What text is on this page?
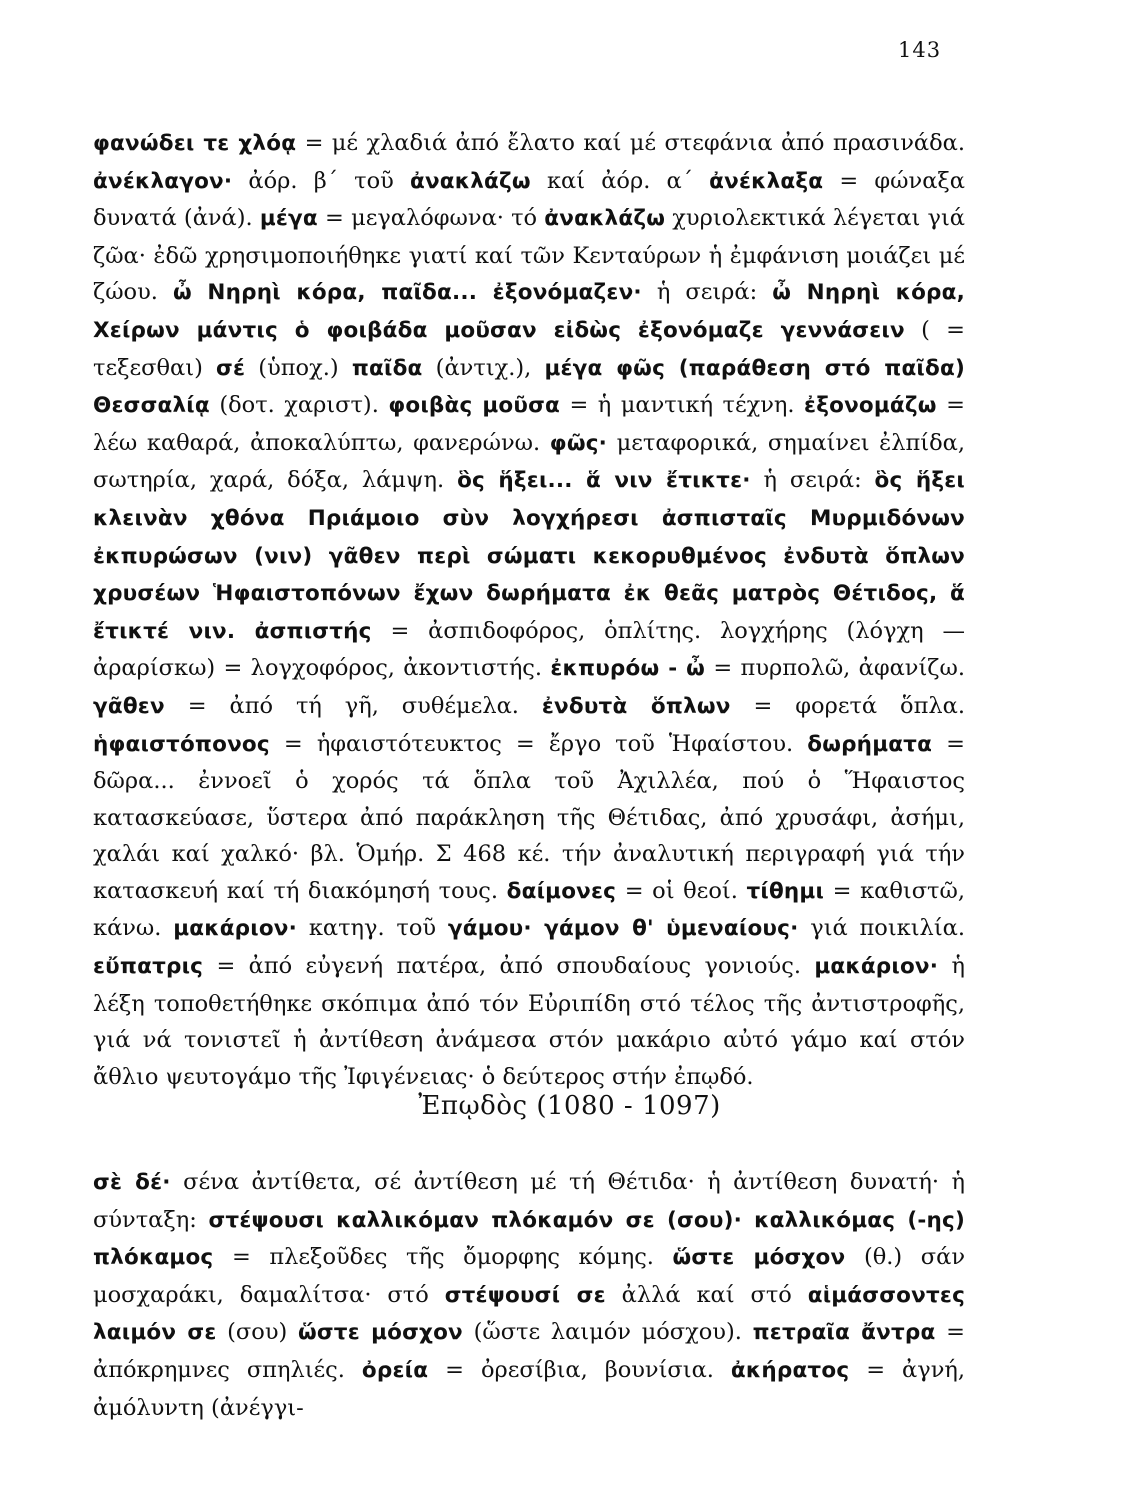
143

φανώδει τε χλόᾳ = μέ χλαδιά ἀπό ἔλατο καί μέ στεφάνια ἀπό πρασινάδα. ἀνέκλαγον· ἀόρ. β΄ τοῦ ἀνακλάζω καί ἀόρ. α΄ ἀνέκλαξα = φώναξα δυνατά (ἀνά). μέγα = μεγαλόφωνα· τό ἀνακλάζω χυριολεκτικά λέγεται γιά ζῶα· ἐδῶ χρησιμοποιήθηκε γιατί καί τῶν Κενταύρων ἡ ἐμφάνιση μοιάζει μέ ζώου. ὦ Νηρηὶ κόρα, παῖδα... ἐξονόμαζεν· ἡ σειρά: ὦ Νηρηὶ κόρα, Χείρων μάντις ὁ φοιβάδα μοῦσαν εἰδὼς ἐξονόμαζε γεννάσειν ( = τεξεσθαι) σέ (ὑποχ.) παῖδα (ἀντιχ.), μέγα φῶς (παράθεση στό παῖδα) Θεσσαλίᾳ (δοτ. χαριστ). φοιβὰς μοῦσα = ἡ μαντική τέχνη. ἐξονομάζω = λέω καθαρά, ἀποκαλύπτω, φανερώνω. φῶς· μεταφορικά, σημαίνει ἐλπίδα, σωτηρία, χαρά, δόξα, λάμψη. ὃς ἥξει... ἅ νιν ἔτικτε· ἡ σειρά: ὃς ἥξει κλεινὰν χθόνα Πριάμοιο σὺν λογχήρεσι ἀσπισταῖς Μυρμιδόνων ἐκπυρώσων (νιν) γᾶθεν περὶ σώματι κεκορυθμένος ἐνδυτὰ ὅπλων χρυσέων Ἡφαιστοπόνων ἔχων δωρήματα ἐκ θεᾶς ματρὸς Θέτιδος, ἅ ἔτικτέ νιν. ἀσπιστής = ἀσπιδοφόρος, ὁπλίτης. λογχήρης (λόγχη — ἀραρίσκω) = λογχοφόρος, ἀκοντιστής. ἐκπυρόω - ὦ = πυρπολῶ, ἀφανίζω. γᾶθεν = ἀπό τή γῆ, συθέμελα. ἐνδυτὰ ὅπλων = φορετά ὅπλα. ἡφαιστόπονος = ἡφαιστότευκτος = ἔργο τοῦ Ἡφαίστου. δωρήματα = δῶρα... ἐννοεῖ ὁ χορός τά ὅπλα τοῦ Ἀχιλλέα, πού ὁ Ἥφαιστος κατασκεύασε, ὕστερα ἀπό παράκληση τῆς Θέτιδας, ἀπό χρυσάφι, ἀσήμι, χαλάι καί χαλκό· βλ. Ὁμήρ. Σ 468 κέ. τήν ἀναλυτική περιγραφή γιά τήν κατασκευή καί τή διακόμησή τους. δαίμονες = οἱ θεοί. τίθημι = καθιστῶ, κάνω. μακάριον· κατηγ. τοῦ γάμου· γάμον θ' ὑμεναίους· γιά ποικιλία. εὔπατρις = ἀπό εὐγενή πατέρα, ἀπό σπουδαίους γονιούς. μακάριον· ἡ λέξη τοποθετήθηκε σκόπιμα ἀπό τόν Εὐριπίδη στό τέλος τῆς ἀντιστροφῆς, γιά νά τονιστεῖ ἡ ἀντίθεση ἀνάμεσα στόν μακάριο αὐτό γάμο καί στόν ἄθλιο ψευτογάμο τῆς Ἰφιγένειας· ὁ δεύτερος στήν ἐπῳδό.

Ἐπῳδὸς (1080 - 1097)

σὲ δέ· σένα ἀντίθετα, σέ ἀντίθεση μέ τή Θέτιδα· ἡ ἀντίθεση δυνατή· ἡ σύνταξη: στέψουσι καλλικόμαν πλόκαμόν σε (σου)· καλλικόμας (-ης) πλόκαμος = πλεξοῦδες τῆς ὄμορφης κόμης. ὥστε μόσχον (θ.) σάν μοσχαράκι, δαμαλίτσα· στό στέψουσί σε ἀλλά καί στό αἱμάσσοντες λαιμόν σε (σου) ὥστε μόσχον (ὥστε λαιμόν μόσχου). πετραῖα ἄντρα = ἀπόκρημνες σπηλιές. ὀρεία = ὀρεσίβια, βουνίσια. ἀκήρατος = ἀγνή, ἀμόλυντη (ἀνέγγι-
